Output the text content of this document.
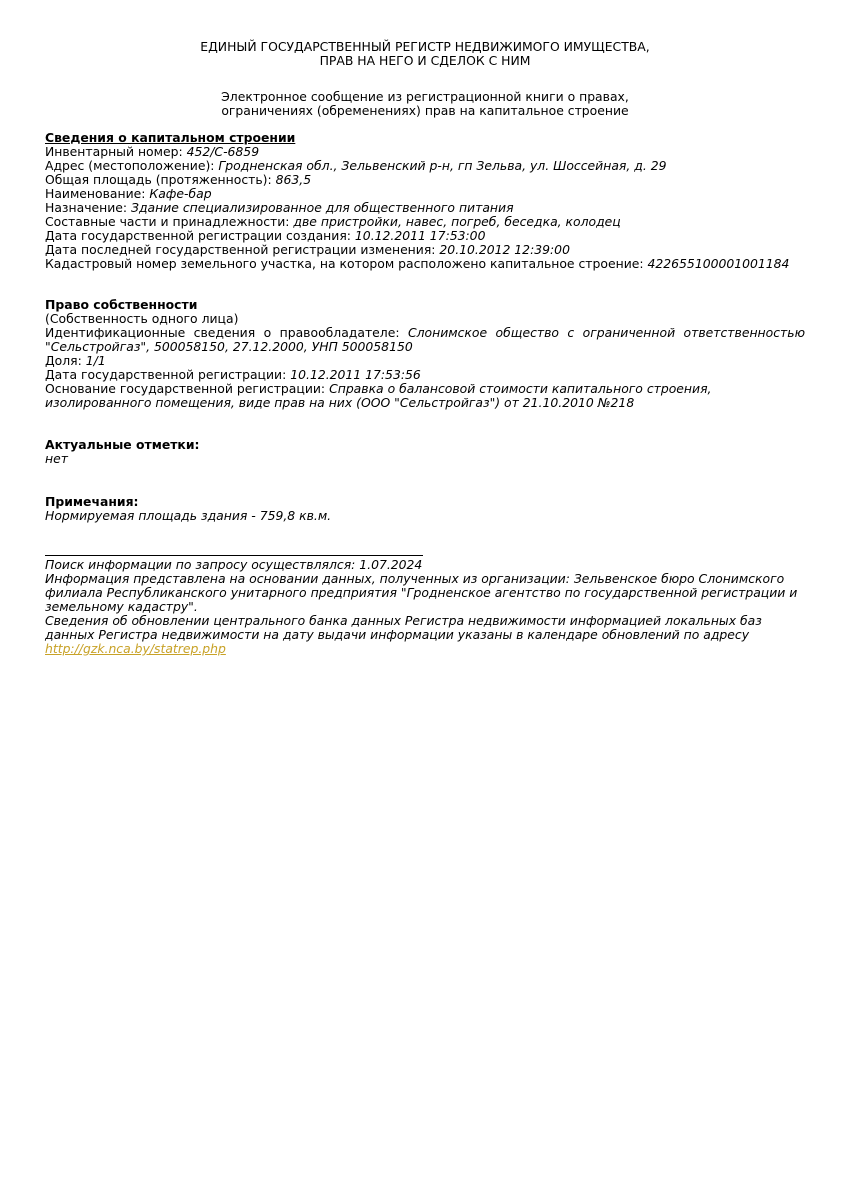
ЕДИНЫЙ ГОСУДАРСТВЕННЫЙ РЕГИСТР НЕДВИЖИМОГО ИМУЩЕСТВА,
ПРАВ НА НЕГО И СДЕЛОК С НИМ

Электронное сообщение из регистрационной книги о правах,
ограничениях (обременениях) прав на капитальное строение

Сведения о капитальном строении

Инвентарный номер: 452/С-6859

Адрес (местоположение): Гродненская обл., Зельвенский р-н, гп Зельва, ул. Шоссейная, д. 29

Общая площадь (протяженность): 863,5

Наименование: Кафе-бар

Назначение: Здание специализированное для общественного питания

Составные части и принадлежности: две пристройки, навес, погреб, беседка, колодец

Дата государственной регистрации создания: 10.12.2011 17:53:00

Дата последней государственной регистрации изменения: 20.10.2012 12:39:00

Кадастровый номер земельного участка, на котором расположено капитальное строение: 422655100001001184

Право собственности

(Собственность одного лица)

Идентификационные сведения о правообладателе: Слонимское общество с ограниченной ответственностью "Сельстройгаз", 500058150, 27.12.2000, УНП 500058150

Доля: 1/1

Дата государственной регистрации: 10.12.2011 17:53:56

Основание государственной регистрации: Справка о балансовой стоимости капитального строения, изолированного помещения, виде прав на них (ООО "Сельстройгаз") от 21.10.2010 №218

Актуальные отметки:

нет

Примечания:

Нормируемая площадь здания - 759,8 кв.м.

Поиск информации по запросу осуществлялся: 1.07.2024

Информация представлена на основании данных, полученных из организации: Зельвенское бюро Слонимского филиала Республиканского унитарного предприятия "Гродненское агентство по государственной регистрации и земельному кадастру".

Сведения об обновлении центрального банка данных Регистра недвижимости информацией локальных баз данных Регистра недвижимости на дату выдачи информации указаны в календаре обновлений по адресу

http://gzk.nca.by/statrep.php
